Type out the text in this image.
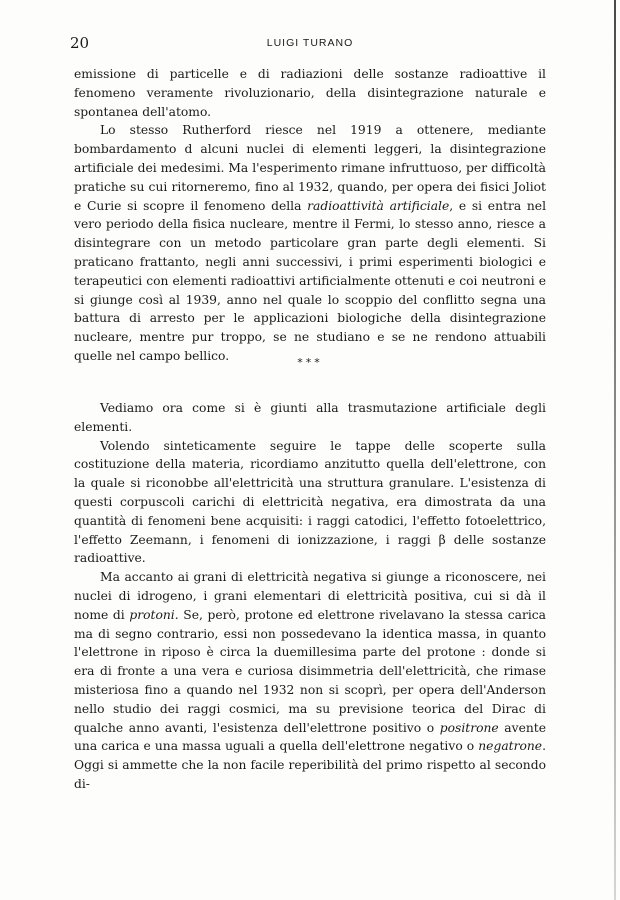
20	LUIGI TURANO

emissione di particelle e di radiazioni delle sostanze radioattive il fenomeno veramente rivoluzionario, della disintegrazione naturale e spontanea dell'atomo.

Lo stesso Rutherford riesce nel 1919 a ottenere, mediante bombardamento d alcuni nuclei di elementi leggeri, la disintegrazione artificiale dei medesimi. Ma l'esperimento rimane infruttuoso, per difficoltà pratiche su cui ritorneremo, fino al 1932, quando, per opera dei fisici Joliot e Curie si scopre il fenomeno della radioattività artificiale, e si entra nel vero periodo della fisica nucleare, mentre il Fermi, lo stesso anno, riesce a disintegrare con un metodo particolare gran parte degli elementi. Si praticano frattanto, negli anni successivi, i primi esperimenti biologici e terapeutici con elementi radioattivi artificialmente ottenuti e coi neutroni e si giunge così al 1939, anno nel quale lo scoppio del conflitto segna una battura di arresto per le applicazioni biologiche della disintegrazione nucleare, mentre pur troppo, se ne studiano e se ne rendono attuabili quelle nel campo bellico.	***

Vediamo ora come si è giunti alla trasmutazione artificiale degli elementi.

Volendo sinteticamente seguire le tappe delle scoperte sulla costituzione della materia, ricordiamo anzitutto quella dell'elettrone, con la quale si riconobbe all'elettricità una struttura granulare. L'esistenza di questi corpuscoli carichi di elettricità negativa, era dimostrata da una quantità di fenomeni bene acquisiti: i raggi catodici, l'effetto fotoelettrico, l'effetto Zeemann, i fenomeni di ionizzazione, i raggi β delle sostanze radioattive.

Ma accanto ai grani di elettricità negativa si giunge a riconoscere, nei nuclei di idrogeno, i grani elementari di elettricità positiva, cui si dà il nome di protoni. Se, però, protone ed elettrone rivelavano la stessa carica ma di segno contrario, essi non possedevano la identica massa, in quanto l'elettrone in riposo è circa la duemillesima parte del protone : donde si era di fronte a una vera e curiosa disimmetria dell'elettricità, che rimase misteriosa fino a quando nel 1932 non si scoprì, per opera dell'Anderson nello studio dei raggi cosmici, ma su previsione teorica del Dirac di qualche anno avanti, l'esistenza dell'elettrone positivo o positrone avente una carica e una massa uguali a quella dell'elettrone negativo o negatrone. Oggi si ammette che la non facile reperibilità del primo rispetto al secondo di-
